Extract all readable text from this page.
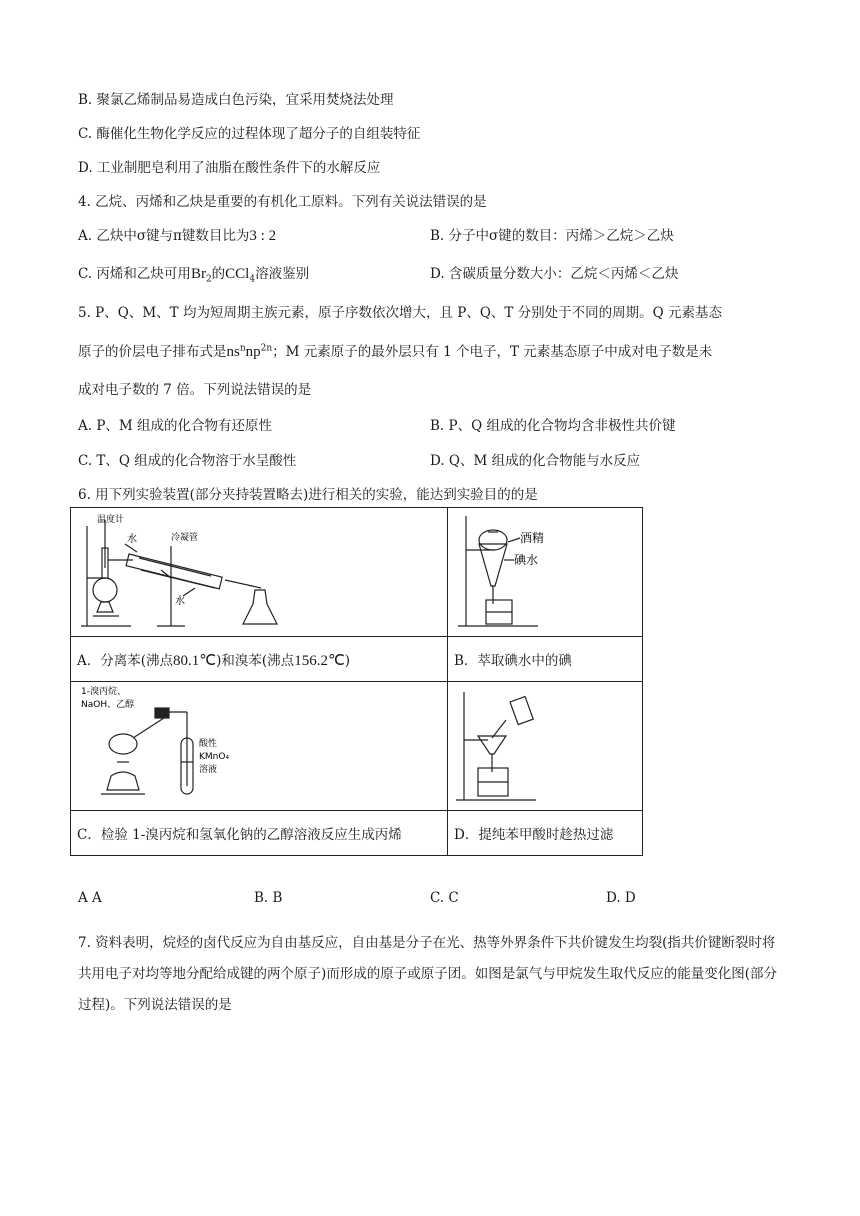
B. 聚氯乙烯制品易造成白色污染，宜采用焚烧法处理
C. 酶催化生物化学反应的过程体现了超分子的自组装特征
D. 工业制肥皂利用了油脂在酸性条件下的水解反应
4. 乙烷、丙烯和乙炔是重要的有机化工原料。下列有关说法错误的是
A. 乙炔中σ键与π键数目比为3 : 2	B. 分子中σ键的数目：丙烯＞乙烷＞乙炔
C. 丙烯和乙炔可用$Br_2$的CCl$_4$溶液鉴别	D. 含碳质量分数大小：乙烷＜丙烯＜乙炔
5. P、Q、M、T 均为短周期主族元素，原子序数依次增大，且 P、Q、T 分别处于不同的周期。Q 元素基态
原子的价层电子排布式是$ns^nnp^{2n}$；M 元素原子的最外层只有 1 个电子，T 元素基态原子中成对电子数是未
成对电子数的 7 倍。下列说法错误的是
A. P、M 组成的化合物有还原性	B. P、Q 组成的化合物均含非极性共价键
C. T、Q 组成的化合物溶于水呈酸性	D. Q、M 组成的化合物能与水反应
6. 用下列实验装置(部分夹持装置略去)进行相关的实验，能达到实验目的的是
温度计
水 冷凝管
水	酒精
碘水

A．分离苯(沸点80.1℃)和溴苯(沸点156.2℃)	B．萃取碘水中的碘

1-溴丙烷、
NaOH、乙醇
酸性
KMnO₄
溶液

C．检验 1-溴丙烷和氢氧化钠的乙醇溶液反应生成丙烯	D．提纯苯甲酸时趁热过滤
A A	B. B	C. C	D. D
7. 资料表明，烷烃的卤代反应为自由基反应，自由基是分子在光、热等外界条件下共价键发生均裂(指共价键断裂时将共用电子对均等地分配给成键的两个原子)而形成的原子或原子团。如图是氯气与甲烷发生取代反应的能量变化图(部分过程)。下列说法错误的是
